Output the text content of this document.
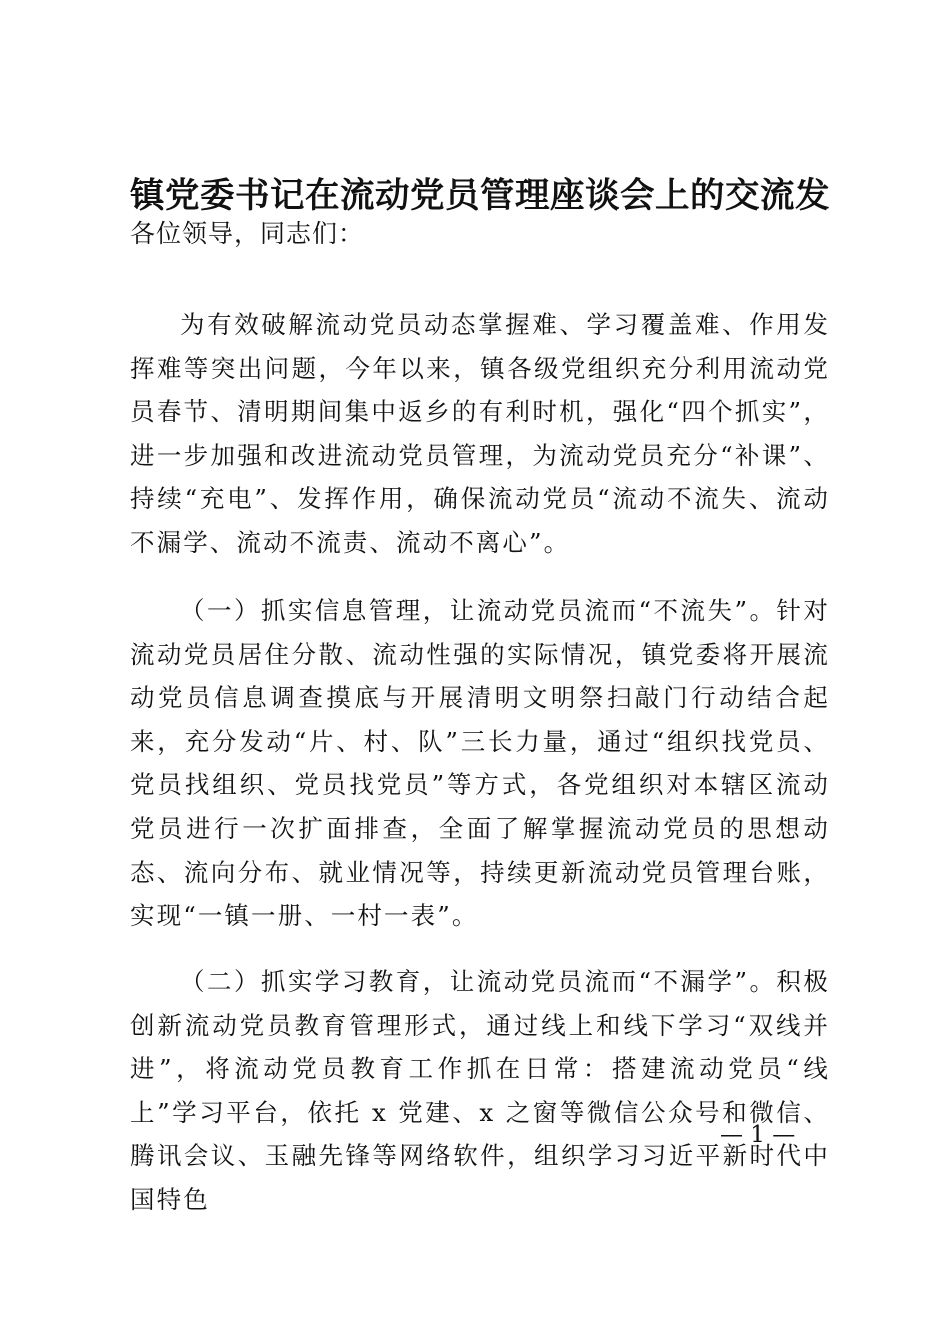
镇党委书记在流动党员管理座谈会上的交流发

各位领导，同志们：

为有效破解流动党员动态掌握难、学习覆盖难、作用发挥难等突出问题，今年以来，镇各级党组织充分利用流动党员春节、清明期间集中返乡的有利时机，强化“四个抓实”，进一步加强和改进流动党员管理，为流动党员充分“补课”、持续“充电”、发挥作用，确保流动党员“流动不流失、流动不漏学、流动不流责、流动不离心”。

（一）抓实信息管理，让流动党员流而“不流失”。针对流动党员居住分散、流动性强的实际情况，镇党委将开展流动党员信息调查摸底与开展清明文明祭扫敲门行动结合起来，充分发动“片、村、队”三长力量，通过“组织找党员、党员找组织、党员找党员”等方式，各党组织对本辖区流动党员进行一次扩面排查，全面了解掌握流动党员的思想动态、流向分布、就业情况等，持续更新流动党员管理台账，实现“一镇一册、一村一表”。

（二）抓实学习教育，让流动党员流而“不漏学”。积极创新流动党员教育管理形式，通过线上和线下学习“双线并进”，将流动党员教育工作抓在日常：搭建流动党员“线上”学习平台，依托 x 党建、x 之窗等微信公众号和微信、腾讯会议、玉融先锋等网络软件，组织学习习近平新时代中国特色

— 1 —
